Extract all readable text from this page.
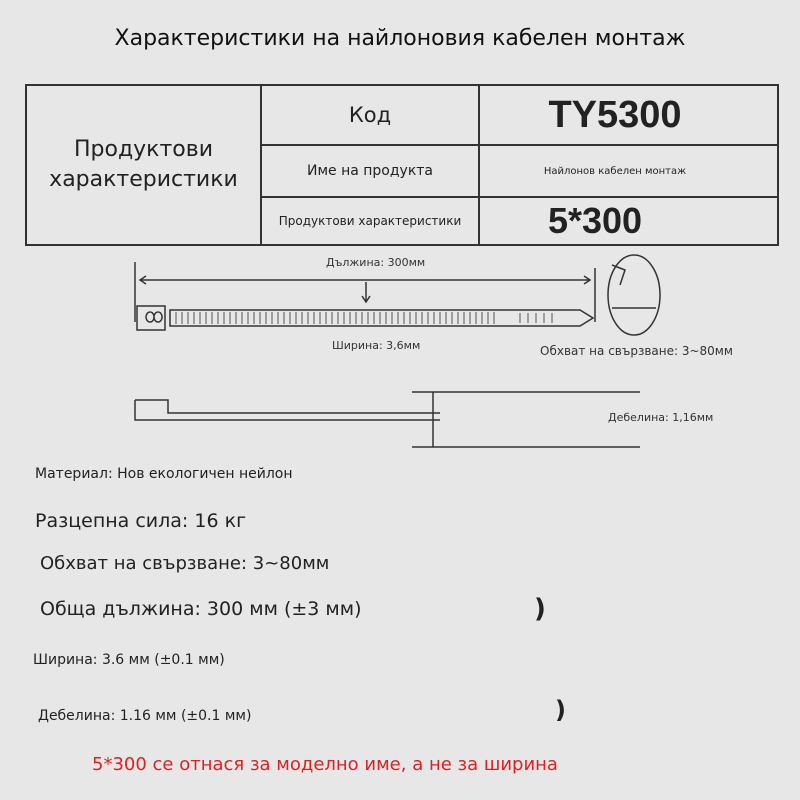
Характеристики на найлоновия кабелен монтаж
Продуктови характеристики
Код	TY5300
Име на продукта	Найлонов кабелен монтаж
Продуктови характеристики	5*300
Дължина: 300мм
Ширина: 3,6мм	Обхват на свързване: 3~80мм
Дебелина: 1,16мм
Материал: Нов екологичен нейлон
Разцепна сила: 16 кг
Обхват на свързване: 3~80мм
Обща дължина: 300 мм (±3 мм)	)
Ширина: 3.6 мм (±0.1 мм)
Дебелина: 1.16 мм (±0.1 мм)	)
5*300 се отнася за моделно име, а не за ширина
